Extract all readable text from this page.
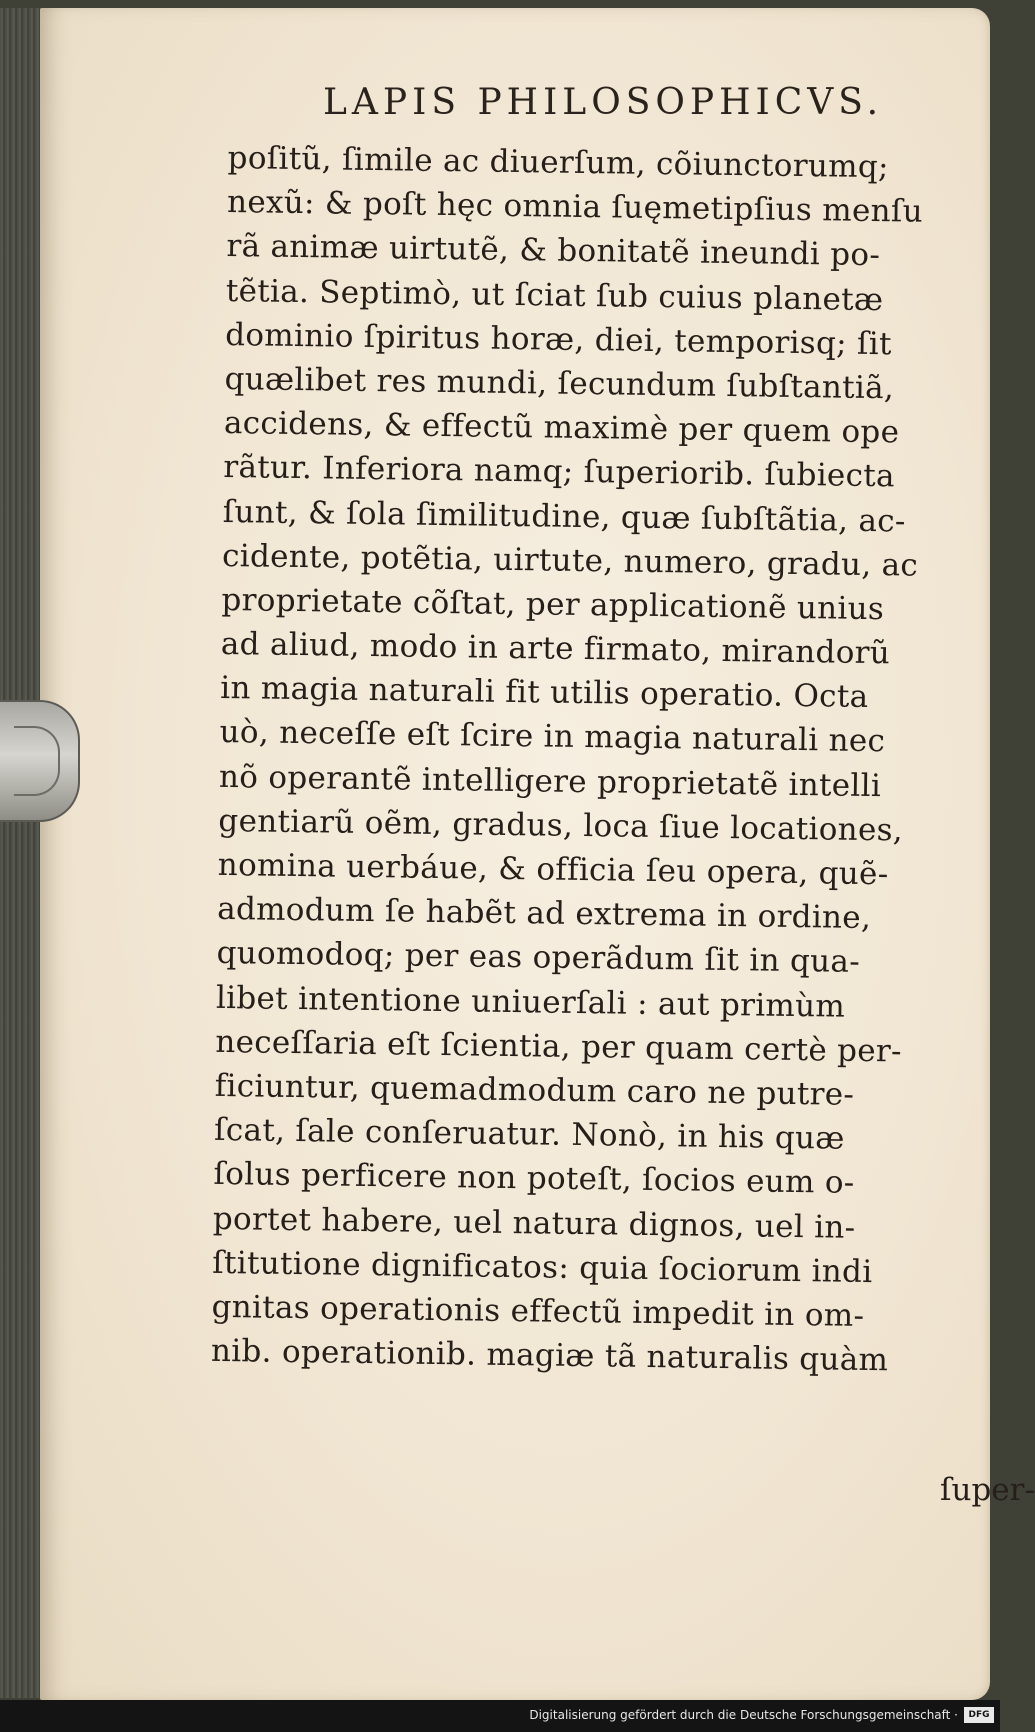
LAPIS PHILOSOPHICVS.
poſitũ, ſimile ac diuerſum, cõiunctorumq;
nexũ: & poſt hęc omnia ſuęmetipſius menſu
rã animæ uirtutẽ, & bonitatẽ ineundi po-
tẽtia. Septimò, ut ſciat ſub cuius planetæ
dominio ſpiritus horæ, diei, temporisq; ſit
quælibet res mundi, ſecundum ſubſtantiã,
accidens, & effectũ maximè per quem ope
rãtur. Inferiora namq; ſuperiorib. ſubiecta
ſunt, & ſola ſimilitudine, quæ ſubſtãtia, ac-
cidente, potẽtia, uirtute, numero, gradu, ac
proprietate cõſtat, per applicationẽ unius
ad aliud, modo in arte firmato, mirandorũ
in magia naturali fit utilis operatio. Octa
uò, neceſſe eſt ſcire in magia naturali nec
nõ operantẽ intelligere proprietatẽ intelli
gentiarũ oẽm, gradus, loca ſiue locationes,
nomina uerbáue, & officia ſeu opera, quẽ-
admodum ſe habẽt ad extrema in ordine,
quomodoq; per eas operãdum ſit in qua-
libet intentione uniuerſali : aut primùm
neceſſaria eſt ſcientia, per quam certè per-
ficiuntur, quemadmodum caro ne putre-
ſcat, ſale conſeruatur. Nonò, in his quæ
ſolus perficere non poteſt, ſocios eum o-
portet habere, uel natura dignos, uel in-
ſtitutione dignificatos: quia ſociorum indi
gnitas operationis effectũ impedit in om-
nib. operationib. magiæ tã naturalis quàm
ſuper-
Digitalisierung gefördert durch die Deutsche Forschungsgemeinschaft ·	DFG
